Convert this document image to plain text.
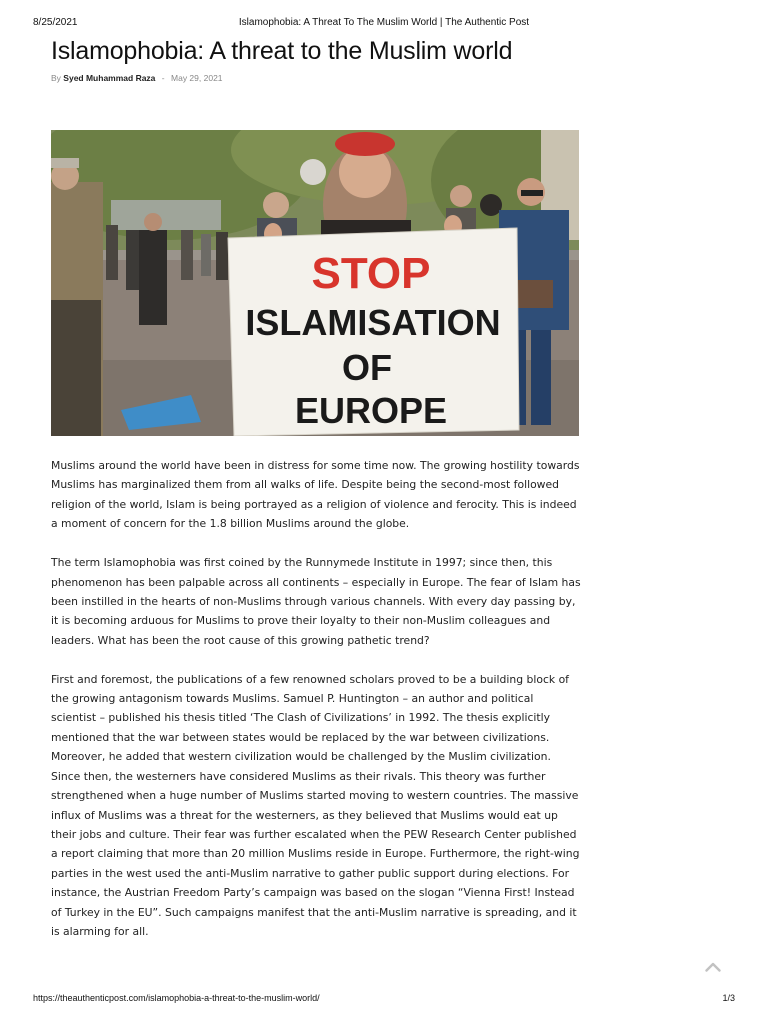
8/25/2021	Islamophobia: A Threat To The Muslim World | The Authentic Post
Islamophobia: A threat to the Muslim world
By Syed Muhammad Raza - May 29, 2021
STOP
ISLAMISATION
OF
EUROPE

Muslims around the world have been in distress for some time now. The growing hostility towards Muslims has marginalized them from all walks of life. Despite being the second-most followed religion of the world, Islam is being portrayed as a religion of violence and ferocity. This is indeed a moment of concern for the 1.8 billion Muslims around the globe.

The term Islamophobia was first coined by the Runnymede Institute in 1997; since then, this phenomenon has been palpable across all continents – especially in Europe. The fear of Islam has been instilled in the hearts of non-Muslims through various channels. With every day passing by, it is becoming arduous for Muslims to prove their loyalty to their non-Muslim colleagues and leaders. What has been the root cause of this growing pathetic trend?

First and foremost, the publications of a few renowned scholars proved to be a building block of the growing antagonism towards Muslims. Samuel P. Huntington – an author and political scientist – published his thesis titled ‘The Clash of Civilizations’ in 1992. The thesis explicitly mentioned that the war between states would be replaced by the war between civilizations. Moreover, he added that western civilization would be challenged by the Muslim civilization. Since then, the westerners have considered Muslims as their rivals. This theory was further strengthened when a huge number of Muslims started moving to western countries. The massive influx of Muslims was a threat for the westerners, as they believed that Muslims would eat up their jobs and culture. Their fear was further escalated when the PEW Research Center published a report claiming that more than 20 million Muslims reside in Europe. Furthermore, the right-wing parties in the west used the anti-Muslim narrative to gather public support during elections. For instance, the Austrian Freedom Party’s campaign was based on the slogan “Vienna First! Instead of Turkey in the EU”. Such campaigns manifest that the anti-Muslim narrative is spreading, and it is alarming for all.

https://theauthenticpost.com/islamophobia-a-threat-to-the-muslim-world/	1/3
